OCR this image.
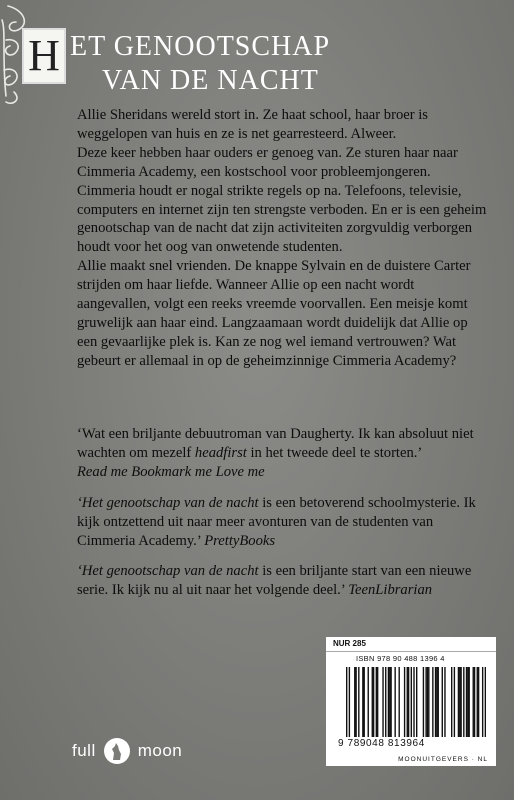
H ET GENOOTSCHAP
VAN DE NACHT

Allie Sheridans wereld stort in. Ze haat school, haar broer is weggelopen van huis en ze is net gearresteerd. Alweer.

Deze keer hebben haar ouders er genoeg van. Ze sturen haar naar Cimmeria Academy, een kostschool voor probleemjongeren. Cimmeria houdt er nogal strikte regels op na. Telefoons, televisie, computers en internet zijn ten strengste verboden. En er is een geheim genootschap van de nacht dat zijn activiteiten zorgvuldig verborgen houdt voor het oog van onwetende studenten.

Allie maakt snel vrienden. De knappe Sylvain en de duistere Carter strijden om haar liefde. Wanneer Allie op een nacht wordt aangevallen, volgt een reeks vreemde voorvallen. Een meisje komt gruwelijk aan haar eind. Langzaamaan wordt duidelijk dat Allie op een gevaarlijke plek is. Kan ze nog wel iemand vertrouwen? Wat gebeurt er allemaal in op de geheimzinnige Cimmeria Academy?

‘Wat een briljante debuutroman van Daugherty. Ik kan absoluut niet wachten om mezelf headfirst in het tweede deel te storten.’
Read me Bookmark me Love me

‘Het genootschap van de nacht is een betoverend schoolmysterie. Ik kijk ontzettend uit naar meer avonturen van de studenten van Cimmeria Academy.’ PrettyBooks

‘Het genootschap van de nacht is een briljante start van een nieuwe serie. Ik kijk nu al uit naar het volgende deel.’ TeenLibrarian

full moon
NUR 285
ISBN 978 90 488 1396 4
9 789048 813964
MOONUITGEVERS · NL
